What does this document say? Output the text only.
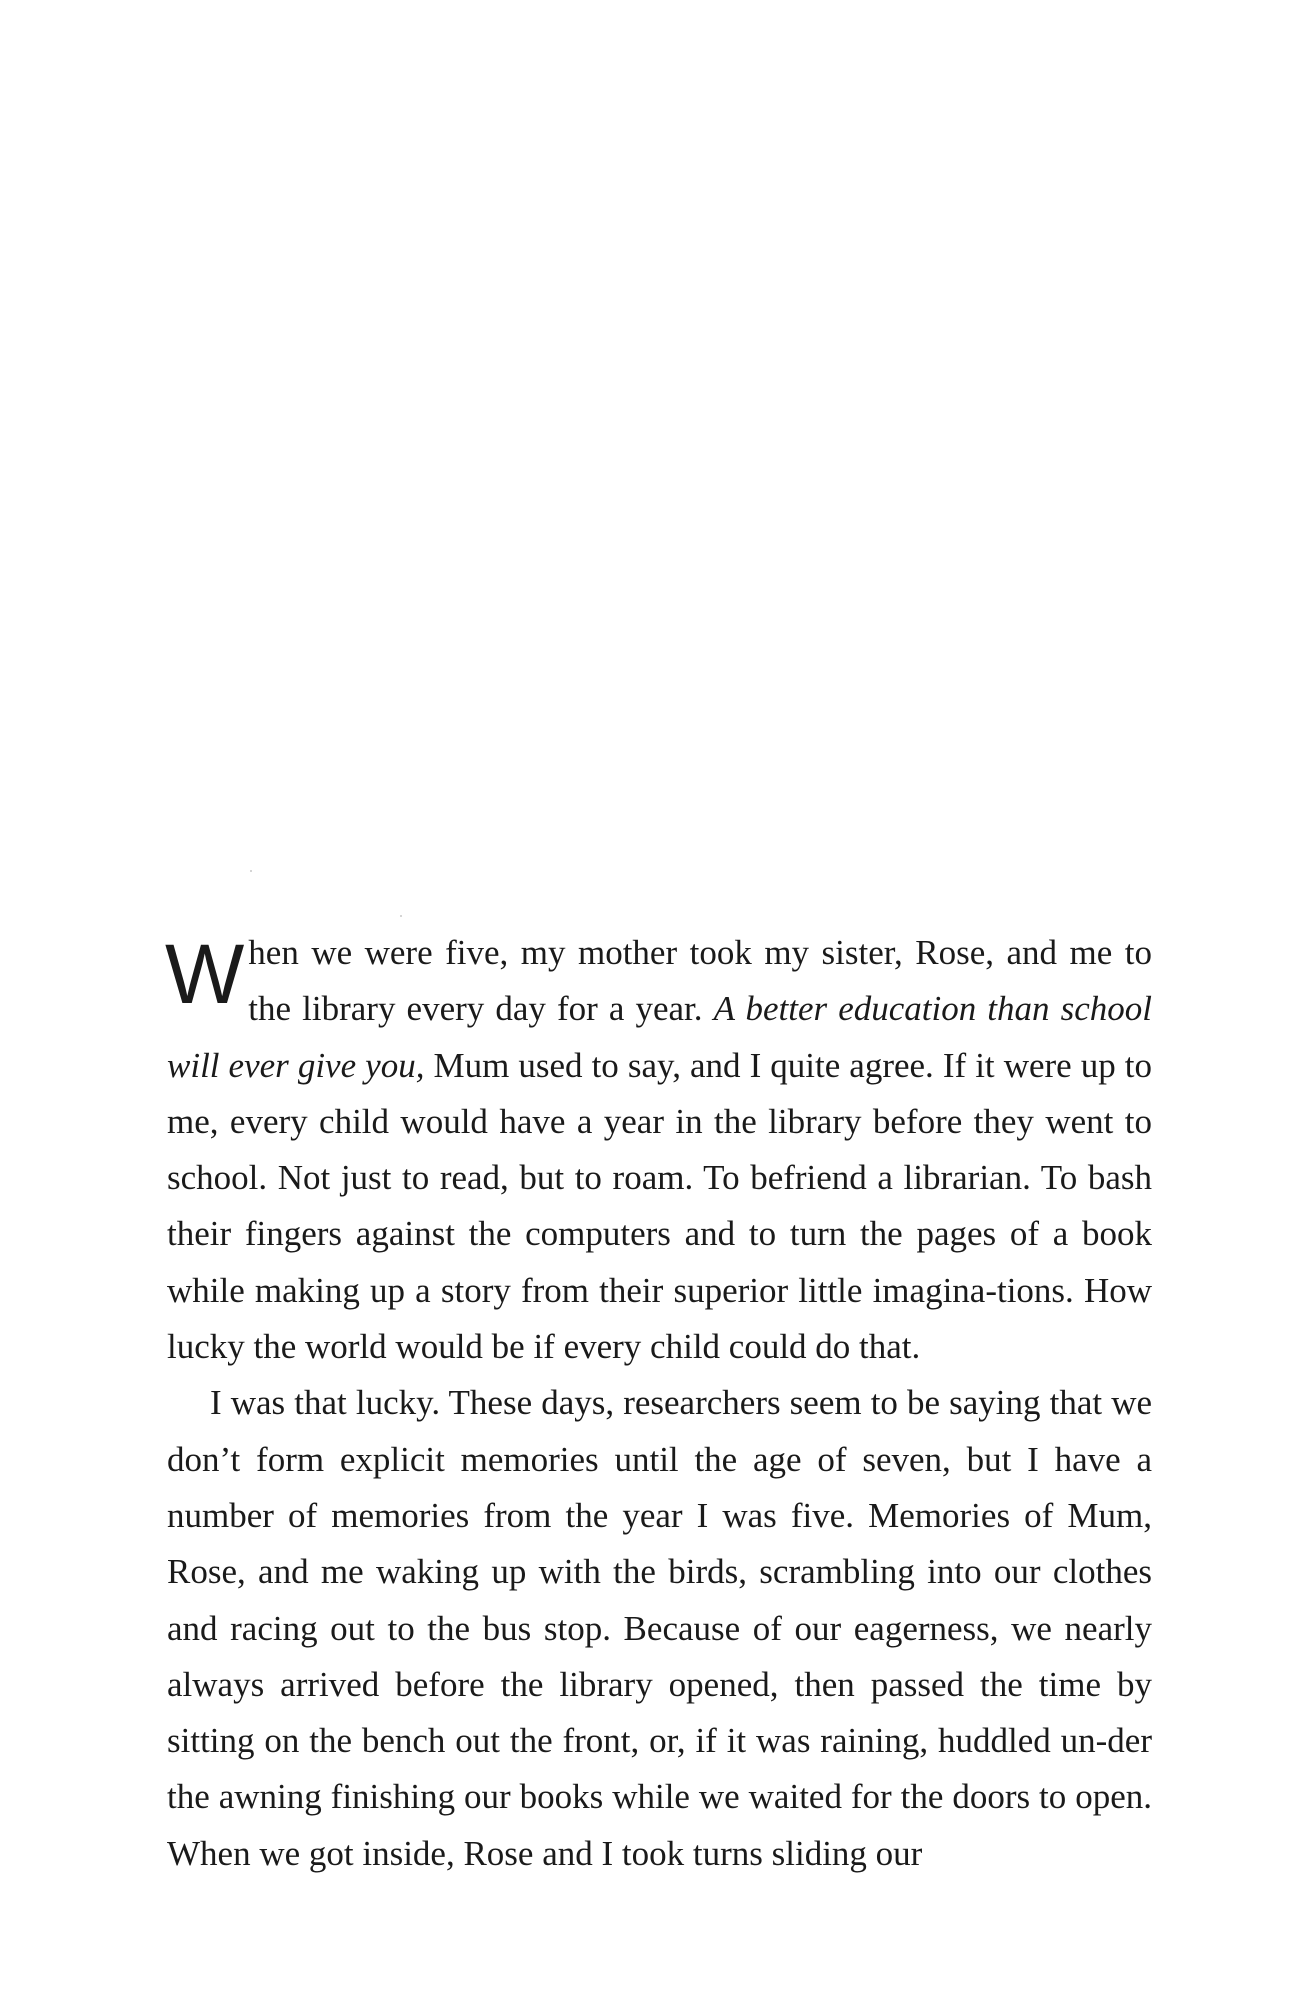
When we were five, my mother took my sister, Rose, and me to the library every day for a year. A better education than school will ever give you, Mum used to say, and I quite agree. If it were up to me, every child would have a year in the library before they went to school. Not just to read, but to roam. To befriend a librarian. To bash their fingers against the computers and to turn the pages of a book while making up a story from their superior little imagina-tions. How lucky the world would be if every child could do that.

I was that lucky. These days, researchers seem to be saying that we don’t form explicit memories until the age of seven, but I have a number of memories from the year I was five. Memories of Mum, Rose, and me waking up with the birds, scrambling into our clothes and racing out to the bus stop. Because of our eagerness, we nearly always arrived before the library opened, then passed the time by sitting on the bench out the front, or, if it was raining, huddled un-der the awning finishing our books while we waited for the doors to open. When we got inside, Rose and I took turns sliding our
